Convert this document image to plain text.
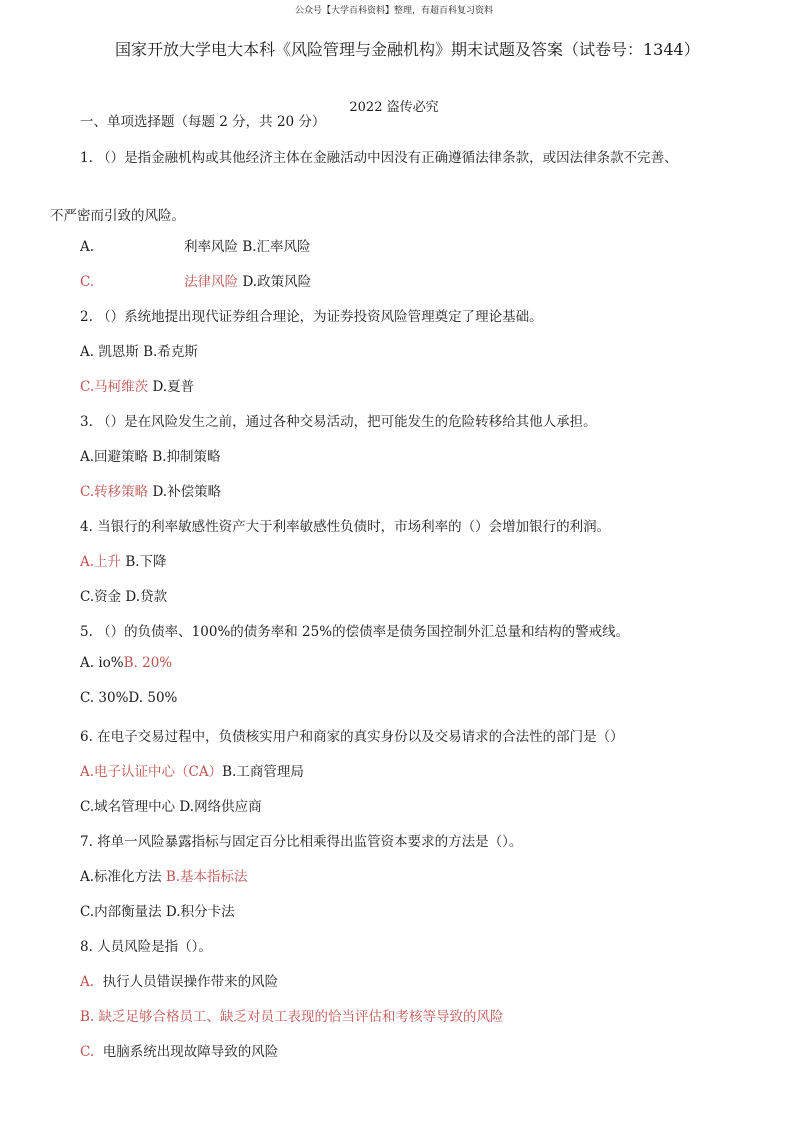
公众号【大学百科资料】整理，有超百科复习资料
国家开放大学电大本科《风险管理与金融机构》期末试题及答案（试卷号：1344）
2022 盗传必究
一、单项选择题（每题 2 分，共 20 分）
1. （）是指金融机构或其他经济主体在金融活动中因没有正确遵循法律条款，或因法律条款不完善、
不严密而引致的风险。
A.	利率风险 B.汇率风险
C.	法律风险 D.政策风险
2. （）系统地提出现代证券组合理论，为证券投资风险管理奠定了理论基础。
A. 凯恩斯 B.希克斯
C.马柯维茨 D.夏普
3. （）是在风险发生之前，通过各种交易活动，把可能发生的危险转移给其他人承担。
A.回避策略 B.抑制策略
C.转移策略 D.补偿策略
4. 当银行的利率敏感性资产大于利率敏感性负债时，市场利率的（）会增加银行的利润。
A.上升 B.下降
C.资金 D.贷款
5. （）的负债率、100%的债务率和 25%的偿债率是债务国控制外汇总量和结构的警戒线。
A. io%B. 20%
C. 30%D. 50%
6. 在电子交易过程中，负债核实用户和商家的真实身份以及交易请求的合法性的部门是（）
A.电子认证中心（CA）B.工商管理局
C.域名管理中心 D.网络供应商
7. 将单一风险暴露指标与固定百分比相乘得出监管资本要求的方法是（）。
A.标准化方法 B.基本指标法
C.内部衡量法 D.积分卡法
8. 人员风险是指（）。
A. 执行人员错误操作带来的风险
B. 缺乏足够合格员工、缺乏对员工表现的恰当评估和考核等导致的风险
C. 电脑系统出现故障导致的风险
